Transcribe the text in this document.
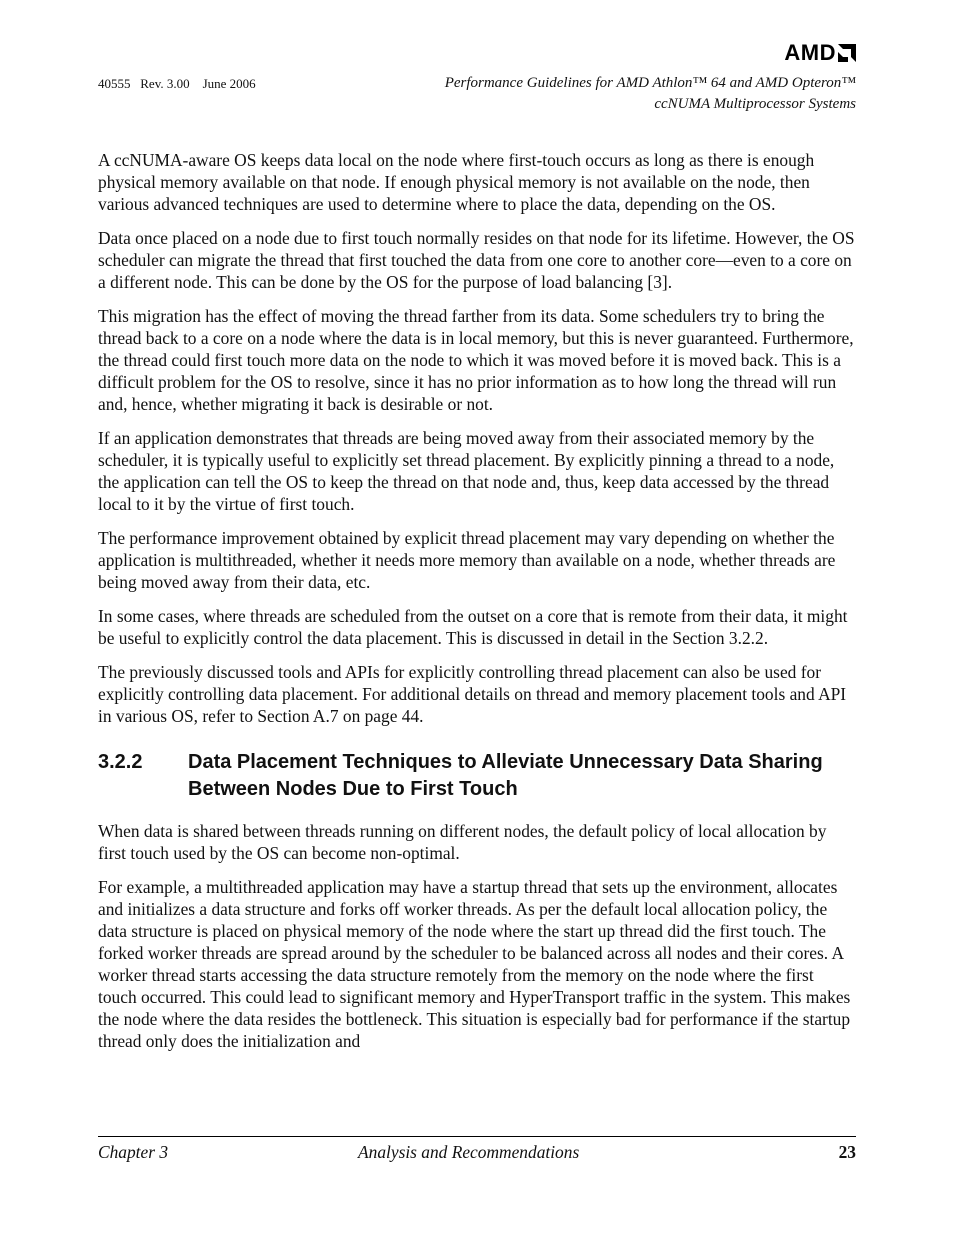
AMD
40555   Rev. 3.00    June 2006	Performance Guidelines for AMD Athlon™ 64 and AMD Opteron™
ccNUMA Multiprocessor Systems

A ccNUMA-aware OS keeps data local on the node where first-touch occurs as long as there is enough physical memory available on that node. If enough physical memory is not available on the node, then various advanced techniques are used to determine where to place the data, depending on the OS.

Data once placed on a node due to first touch normally resides on that node for its lifetime. However, the OS scheduler can migrate the thread that first touched the data from one core to another core—even to a core on a different node. This can be done by the OS for the purpose of load balancing [3].

This migration has the effect of moving the thread farther from its data. Some schedulers try to bring the thread back to a core on a node where the data is in local memory, but this is never guaranteed. Furthermore, the thread could first touch more data on the node to which it was moved before it is moved back. This is a difficult problem for the OS to resolve, since it has no prior information as to how long the thread will run and, hence, whether migrating it back is desirable or not.

If an application demonstrates that threads are being moved away from their associated memory by the scheduler, it is typically useful to explicitly set thread placement. By explicitly pinning a thread to a node, the application can tell the OS to keep the thread on that node and, thus, keep data accessed by the thread local to it by the virtue of first touch.

The performance improvement obtained by explicit thread placement may vary depending on whether the application is multithreaded, whether it needs more memory than available on a node, whether threads are being moved away from their data, etc.

In some cases, where threads are scheduled from the outset on a core that is remote from their data, it might be useful to explicitly control the data placement. This is discussed in detail in the Section 3.2.2.

The previously discussed tools and APIs for explicitly controlling thread placement can also be used for explicitly controlling data placement. For additional details on thread and memory placement tools and API in various OS, refer to Section A.7 on page 44.

3.2.2	Data Placement Techniques to Alleviate Unnecessary Data Sharing Between Nodes Due to First Touch

When data is shared between threads running on different nodes, the default policy of local allocation by first touch used by the OS can become non-optimal.

For example, a multithreaded application may have a startup thread that sets up the environment, allocates and initializes a data structure and forks off worker threads. As per the default local allocation policy, the data structure is placed on physical memory of the node where the start up thread did the first touch. The forked worker threads are spread around by the scheduler to be balanced across all nodes and their cores. A worker thread starts accessing the data structure remotely from the memory on the node where the first touch occurred. This could lead to significant memory and HyperTransport traffic in the system. This makes the node where the data resides the bottleneck. This situation is especially bad for performance if the startup thread only does the initialization and

Chapter 3	Analysis and Recommendations	23
